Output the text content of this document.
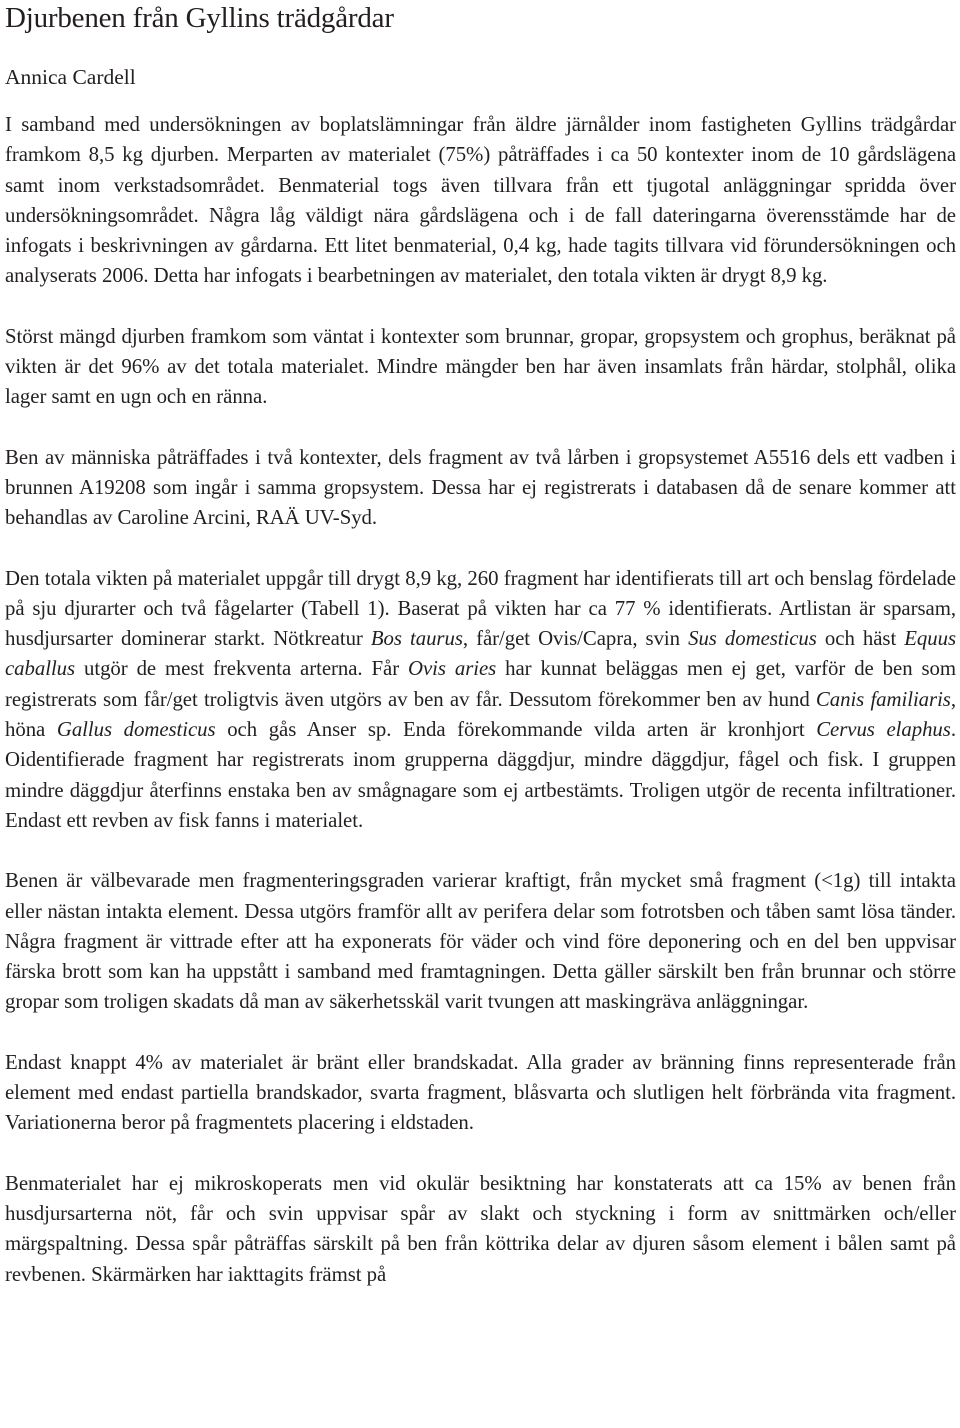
Djurbenen från Gyllins trädgårdar
Annica Cardell

I samband med undersökningen av boplatslämningar från äldre järnålder inom fastigheten Gyllins trädgårdar framkom 8,5 kg djurben. Merparten av materialet (75%) påträffades i ca 50 kontexter inom de 10 gårdslägena samt inom verkstadsområdet. Benmaterial togs även tillvara från ett tjugotal anläggningar spridda över undersökningsområdet. Några låg väldigt nära gårdslägena och i de fall dateringarna överensstämde har de infogats i beskrivningen av gårdarna. Ett litet benmaterial, 0,4 kg, hade tagits tillvara vid förundersökningen och analyserats 2006. Detta har infogats i bearbetningen av materialet, den totala vikten är drygt 8,9 kg.

Störst mängd djurben framkom som väntat i kontexter som brunnar, gropar, gropsystem och grophus, beräknat på vikten är det 96% av det totala materialet. Mindre mängder ben har även insamlats från härdar, stolphål, olika lager samt en ugn och en ränna.

Ben av människa påträffades i två kontexter, dels fragment av två lårben i gropsystemet A5516 dels ett vadben i brunnen A19208 som ingår i samma gropsystem. Dessa har ej registrerats i databasen då de senare kommer att behandlas av Caroline Arcini, RAÄ UV-Syd.

Den totala vikten på materialet uppgår till drygt 8,9 kg, 260 fragment har identifierats till art och benslag fördelade på sju djurarter och två fågelarter (Tabell 1). Baserat på vikten har ca 77 % identifierats. Artlistan är sparsam, husdjursarter dominerar starkt. Nötkreatur Bos taurus, får/get Ovis/Capra, svin Sus domesticus och häst Equus caballus utgör de mest frekventa arterna. Får Ovis aries har kunnat beläggas men ej get, varför de ben som registrerats som får/get troligtvis även utgörs av ben av får. Dessutom förekommer ben av hund Canis familiaris, höna Gallus domesticus och gås Anser sp. Enda förekommande vilda arten är kronhjort Cervus elaphus. Oidentifierade fragment har registrerats inom grupperna däggdjur, mindre däggdjur, fågel och fisk. I gruppen mindre däggdjur återfinns enstaka ben av smågnagare som ej artbestämts. Troligen utgör de recenta infiltrationer. Endast ett revben av fisk fanns i materialet.

Benen är välbevarade men fragmenteringsgraden varierar kraftigt, från mycket små fragment (<1g) till intakta eller nästan intakta element. Dessa utgörs framför allt av perifera delar som fotrotsben och tåben samt lösa tänder. Några fragment är vittrade efter att ha exponerats för väder och vind före deponering och en del ben uppvisar färska brott som kan ha uppstått i samband med framtagningen. Detta gäller särskilt ben från brunnar och större gropar som troligen skadats då man av säkerhetsskäl varit tvungen att maskingräva anläggningar.

Endast knappt 4% av materialet är bränt eller brandskadat. Alla grader av bränning finns representerade från element med endast partiella brandskador, svarta fragment, blåsvarta och slutligen helt förbrända vita fragment. Variationerna beror på fragmentets placering i eldstaden.

Benmaterialet har ej mikroskoperats men vid okulär besiktning har konstaterats att ca 15% av benen från husdjursarterna nöt, får och svin uppvisar spår av slakt och styckning i form av snittmärken och/eller märgspaltning. Dessa spår påträffas särskilt på ben från köttrika delar av djuren såsom element i bålen samt på revbenen. Skärmärken har iakttagits främst på
